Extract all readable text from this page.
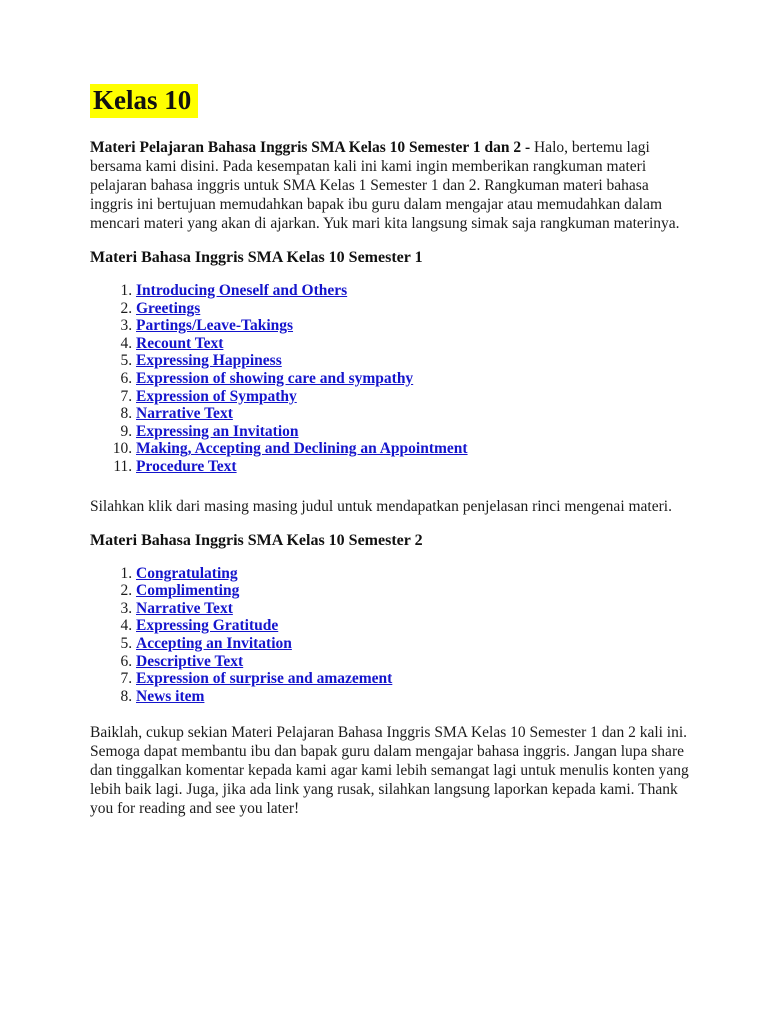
Kelas 10

Materi Pelajaran Bahasa Inggris SMA Kelas 10 Semester 1 dan 2 - Halo, bertemu lagi bersama kami disini. Pada kesempatan kali ini kami ingin memberikan rangkuman materi pelajaran bahasa inggris untuk SMA Kelas 1 Semester 1 dan 2. Rangkuman materi bahasa inggris ini bertujuan memudahkan bapak ibu guru dalam mengajar atau memudahkan dalam mencari materi yang akan di ajarkan. Yuk mari kita langsung simak saja rangkuman materinya.

Materi Bahasa Inggris SMA Kelas 10 Semester 1
1. Introducing Oneself and Others
2. Greetings
3. Partings/Leave-Takings
4. Recount Text
5. Expressing Happiness
6. Expression of showing care and sympathy
7. Expression of Sympathy
8. Narrative Text
9. Expressing an Invitation
10. Making, Accepting and Declining an Appointment
11. Procedure Text

Silahkan klik dari masing masing judul untuk mendapatkan penjelasan rinci mengenai materi.

Materi Bahasa Inggris SMA Kelas 10 Semester 2
1. Congratulating
2. Complimenting
3. Narrative Text
4. Expressing Gratitude
5. Accepting an Invitation
6. Descriptive Text
7. Expression of surprise and amazement
8. News item

Baiklah, cukup sekian Materi Pelajaran Bahasa Inggris SMA Kelas 10 Semester 1 dan 2 kali ini. Semoga dapat membantu ibu dan bapak guru dalam mengajar bahasa inggris. Jangan lupa share dan tinggalkan komentar kepada kami agar kami lebih semangat lagi untuk menulis konten yang lebih baik lagi. Juga, jika ada link yang rusak, silahkan langsung laporkan kepada kami. Thank you for reading and see you later!
